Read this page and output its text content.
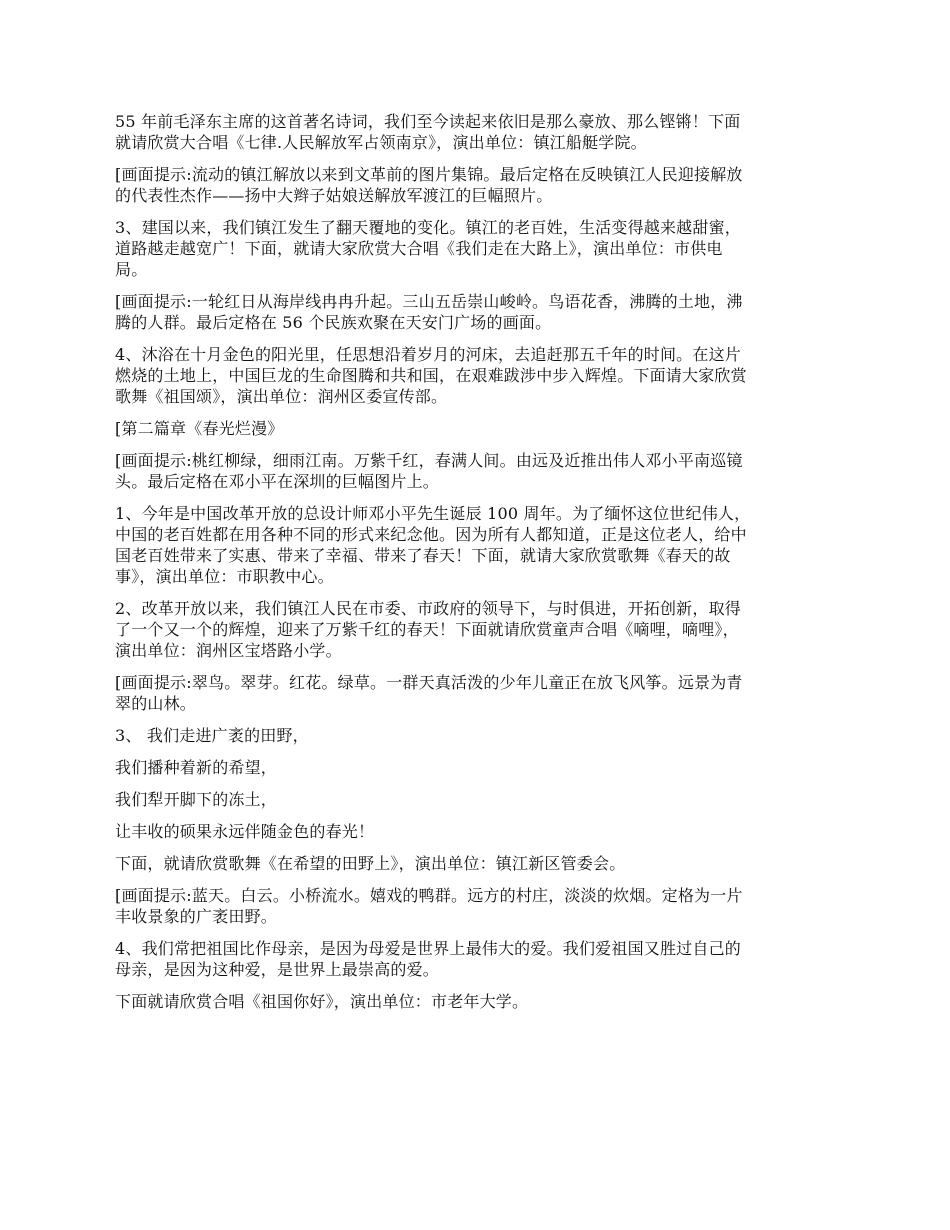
55 年前毛泽东主席的这首著名诗词，我们至今读起来依旧是那么豪放、那么铿锵！下面
就请欣赏大合唱《七律.人民解放军占领南京》，演出单位：镇江船艇学院。

[画面提示:流动的镇江解放以来到文革前的图片集锦。最后定格在反映镇江人民迎接解放
的代表性杰作——扬中大辫子姑娘送解放军渡江的巨幅照片。

3、建国以来，我们镇江发生了翻天覆地的变化。镇江的老百姓，生活变得越来越甜蜜，
道路越走越宽广！下面，就请大家欣赏大合唱《我们走在大路上》，演出单位：市供电
局。

[画面提示:一轮红日从海岸线冉冉升起。三山五岳崇山峻岭。鸟语花香，沸腾的土地，沸
腾的人群。最后定格在 56 个民族欢聚在天安门广场的画面。

4、沐浴在十月金色的阳光里，任思想沿着岁月的河床，去追赶那五千年的时间。在这片
燃烧的土地上，中国巨龙的生命图腾和共和国，在艰难跋涉中步入辉煌。下面请大家欣赏
歌舞《祖国颂》，演出单位：润州区委宣传部。

[第二篇章《春光烂漫》

[画面提示:桃红柳绿，细雨江南。万紫千红，春满人间。由远及近推出伟人邓小平南巡镜
头。最后定格在邓小平在深圳的巨幅图片上。

1、今年是中国改革开放的总设计师邓小平先生诞辰 100 周年。为了缅怀这位世纪伟人，
中国的老百姓都在用各种不同的形式来纪念他。因为所有人都知道，正是这位老人，给中
国老百姓带来了实惠、带来了幸福、带来了春天！下面，就请大家欣赏歌舞《春天的故
事》，演出单位：市职教中心。

2、改革开放以来，我们镇江人民在市委、市政府的领导下，与时俱进，开拓创新，取得
了一个又一个的辉煌，迎来了万紫千红的春天！下面就请欣赏童声合唱《嘀哩，嘀哩》，
演出单位：润州区宝塔路小学。

[画面提示:翠鸟。翠芽。红花。绿草。一群天真活泼的少年儿童正在放飞风筝。远景为青
翠的山林。

3、 我们走进广袤的田野，

我们播种着新的希望，

我们犁开脚下的冻土，

让丰收的硕果永远伴随金色的春光！

下面，就请欣赏歌舞《在希望的田野上》，演出单位：镇江新区管委会。

[画面提示:蓝天。白云。小桥流水。嬉戏的鸭群。远方的村庄，淡淡的炊烟。定格为一片
丰收景象的广袤田野。

4、我们常把祖国比作母亲，是因为母爱是世界上最伟大的爱。我们爱祖国又胜过自己的
母亲，是因为这种爱，是世界上最崇高的爱。

下面就请欣赏合唱《祖国你好》，演出单位：市老年大学。
